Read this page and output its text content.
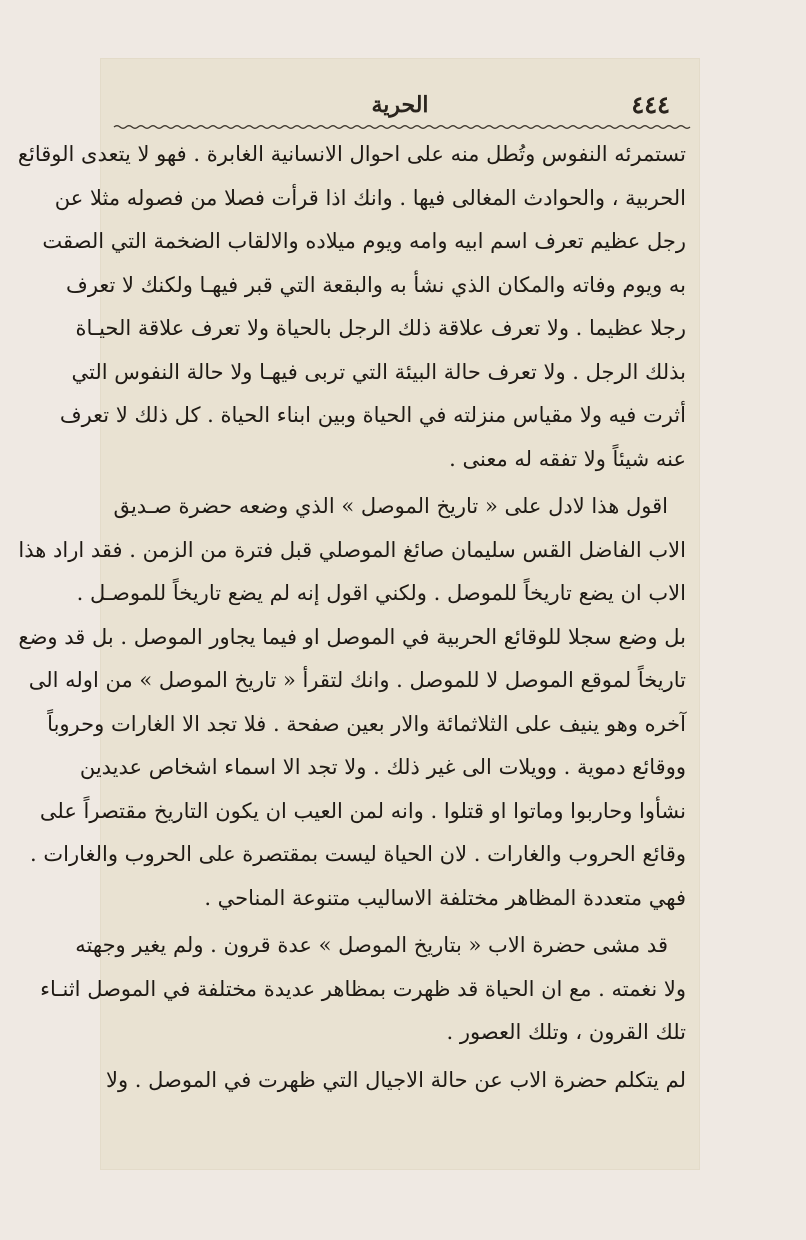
٤٤٤
الحرية
تستمرئه النفوس وتُطل منه على احوال الانسانية الغابرة . فهو لا يتعدى الوقائع
الحربية ، والحوادث المغالى فيها . وانك اذا قرأت فصلا من فصوله مثلا عن
رجل عظيم تعرف اسم ابيه وامه ويوم ميلاده والالقاب الضخمة التي الصقت
به ويوم وفاته والمكان الذي نشأ به والبقعة التي قبر فيهـا ولكنك لا تعرف
رجلا عظيما . ولا تعرف علاقة ذلك الرجل بالحياة ولا تعرف علاقة الحيـاة
بذلك الرجل . ولا تعرف حالة البيئة التي تربى فيهـا ولا حالة النفوس التي
أثرت فيه ولا مقياس منزلته في الحياة وبين ابناء الحياة . كل ذلك لا تعرف
عنه شيئاً ولا تفقه له معنى .
اقول هذا لادل على « تاريخ الموصل » الذي وضعه حضرة صـديق
الاب الفاضل القس سليمان صائغ الموصلي قبل فترة من الزمن . فقد اراد هذا
الاب ان يضع تاريخاً للموصل . ولكني اقول إنه لم يضع تاريخاً للموصـل .
بل وضع سجلا للوقائع الحربية في الموصل او فيما يجاور الموصل . بل قد وضع
تاريخاً لموقع الموصل لا للموصل . وانك لتقرأ « تاريخ الموصل » من اوله الى
آخره وهو ينيف على الثلاثمائة والار بعين صفحة . فلا تجد الا الغارات وحروباً
ووقائع دموية . وويلات الى غير ذلك . ولا تجد الا اسماء اشخاص عديدين
نشأوا وحاربوا وماتوا او قتلوا . وانه لمن العيب ان يكون التاريخ مقتصراً على
وقائع الحروب والغارات . لان الحياة ليست بمقتصرة على الحروب والغارات .
فهي متعددة المظاهر مختلفة الاساليب متنوعة المناحي .
قد مشى حضرة الاب « بتاريخ الموصل » عدة قرون . ولم يغير وجهته
ولا نغمته . مع ان الحياة قد ظهرت بمظاهر عديدة مختلفة في الموصل اثنـاء
تلك القرون ، وتلك العصور .
لم يتكلم حضرة الاب عن حالة الاجيال التي ظهرت في الموصل . ولا
